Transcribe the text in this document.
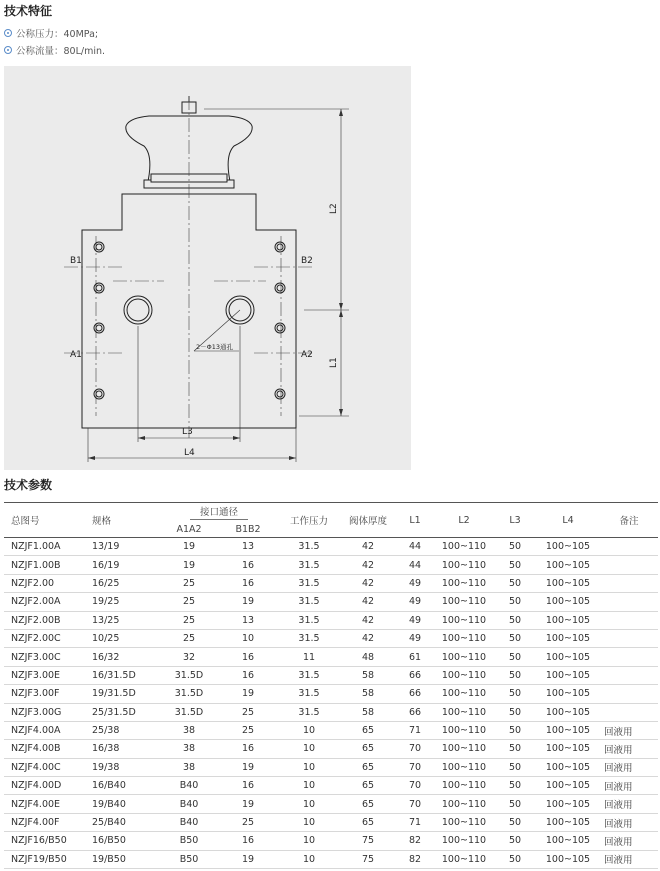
技术特征
公称压力：40MPa;
公称流量：80L/min.
B1	B2
A1	A2
L3
L4
L2
L1
2－Φ13通孔
技术参数
总图号	规格	接口通径		工作压力	阀体厚度	L1	L2	L3	L4	备注
		A1A2	B1B2							
NZJF1.00A	13/19	19	13	31.5	42	44	100~110	50	100~105	
NZJF1.00B	16/19	19	16	31.5	42	44	100~110	50	100~105	
NZJF2.00	16/25	25	16	31.5	42	49	100~110	50	100~105	
NZJF2.00A	19/25	25	19	31.5	42	49	100~110	50	100~105	
NZJF2.00B	13/25	25	13	31.5	42	49	100~110	50	100~105	
NZJF2.00C	10/25	25	10	31.5	42	49	100~110	50	100~105	
NZJF3.00C	16/32	32	16	11	48	61	100~110	50	100~105	
NZJF3.00E	16/31.5D	31.5D	16	31.5	58	66	100~110	50	100~105	
NZJF3.00F	19/31.5D	31.5D	19	31.5	58	66	100~110	50	100~105	
NZJF3.00G	25/31.5D	31.5D	25	31.5	58	66	100~110	50	100~105	
NZJF4.00A	25/38	38	25	10	65	71	100~110	50	100~105	回液用
NZJF4.00B	16/38	38	16	10	65	70	100~110	50	100~105	回液用
NZJF4.00C	19/38	38	19	10	65	70	100~110	50	100~105	回液用
NZJF4.00D	16/B40	B40	16	10	65	70	100~110	50	100~105	回液用
NZJF4.00E	19/B40	B40	19	10	65	70	100~110	50	100~105	回液用
NZJF4.00F	25/B40	B40	25	10	65	71	100~110	50	100~105	回液用
NZJF16/B50	16/B50	B50	16	10	75	82	100~110	50	100~105	回液用
NZJF19/B50	19/B50	B50	19	10	75	82	100~110	50	100~105	回液用
